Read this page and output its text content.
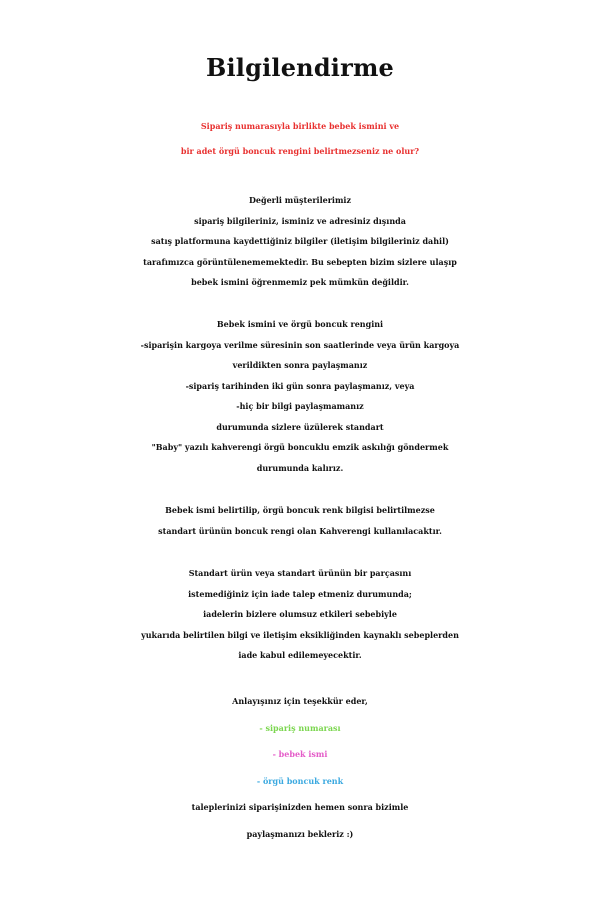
Bilgilendirme
Sipariş numarasıyla birlikte bebek ismini ve
bir adet örgü boncuk rengini belirtmezseniz ne olur?
Değerli müşterilerimiz
sipariş bilgileriniz, isminiz ve adresiniz dışında
satış platformuna kaydettiğiniz bilgiler (iletişim bilgileriniz dahil)
tarafımızca görüntülenememektedir. Bu sebepten bizim sizlere ulaşıp
bebek ismini öğrenmemiz pek mümkün değildir.
Bebek ismini ve örgü boncuk rengini
-siparişin kargoya verilme süresinin son saatlerinde veya ürün kargoya
verildikten sonra paylaşmanız
-sipariş tarihinden iki gün sonra paylaşmanız, veya
-hiç bir bilgi paylaşmamanız
durumunda sizlere üzülerek standart
"Baby" yazılı kahverengi örgü boncuklu emzik askılığı göndermek
durumunda kalırız.
Bebek ismi belirtilip, örgü boncuk renk bilgisi belirtilmezse
standart ürünün boncuk rengi olan Kahverengi kullanılacaktır.
Standart ürün veya standart ürünün bir parçasını
istemediğiniz için iade talep etmeniz durumunda;
iadelerin bizlere olumsuz etkileri sebebiyle
yukarıda belirtilen bilgi ve iletişim eksikliğinden kaynaklı sebeplerden
iade kabul edilemeyecektir.
Anlayışınız için teşekkür eder,
- sipariş numarası
- bebek ismi
- örgü boncuk renk
taleplerinizi siparişinizden hemen sonra bizimle
paylaşmanızı bekleriz :)
